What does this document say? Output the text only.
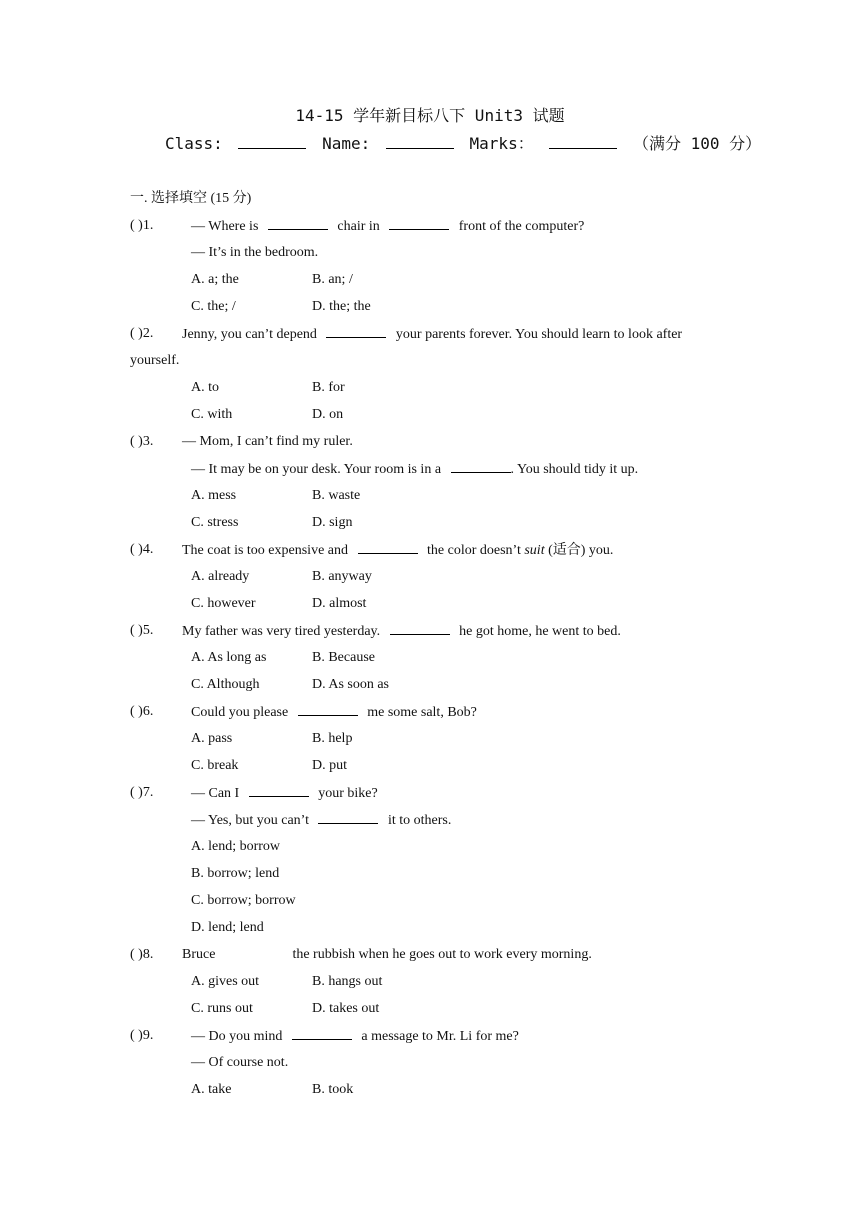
14-15 学年新目标八下 Unit3 试题
Class:	Name:	Marks：	（满分 100 分）
一. 选择填空 (15 分)
( )1.	— Where is	chair in	front of the computer?
— It’s in the bedroom.
A. a; the	B. an; /
C. the; /	D. the; the
( )2. Jenny, you can’t depend	your parents forever. You should learn to look after
yourself.
A. to	B. for
C. with	D. on
( )3. — Mom, I can’t find my ruler.
— It may be on your desk. Your room is in a	. You should tidy it up.
A. mess	B. waste
C. stress	D. sign
( )4. The coat is too expensive and	the color doesn’t suit (适合) you.
A. already	B. anyway
C. however	D. almost
( )5. My father was very tired yesterday.	he got home, he went to bed.
A. As long as	B. Because
C. Although	D. As soon as
( )6.	Could you please	me some salt, Bob?
A. pass	B. help
C. break	D. put
( )7.	— Can I	your bike?
— Yes, but you can’t	it to others.
A. lend; borrow
B. borrow; lend
C. borrow; borrow
D. lend; lend
( )8. Bruce	the rubbish when he goes out to work every morning.
A. gives out	B. hangs out
C. runs out	D. takes out
( )9.	— Do you mind	a message to Mr. Li for me?
— Of course not.
A. take	B. took
